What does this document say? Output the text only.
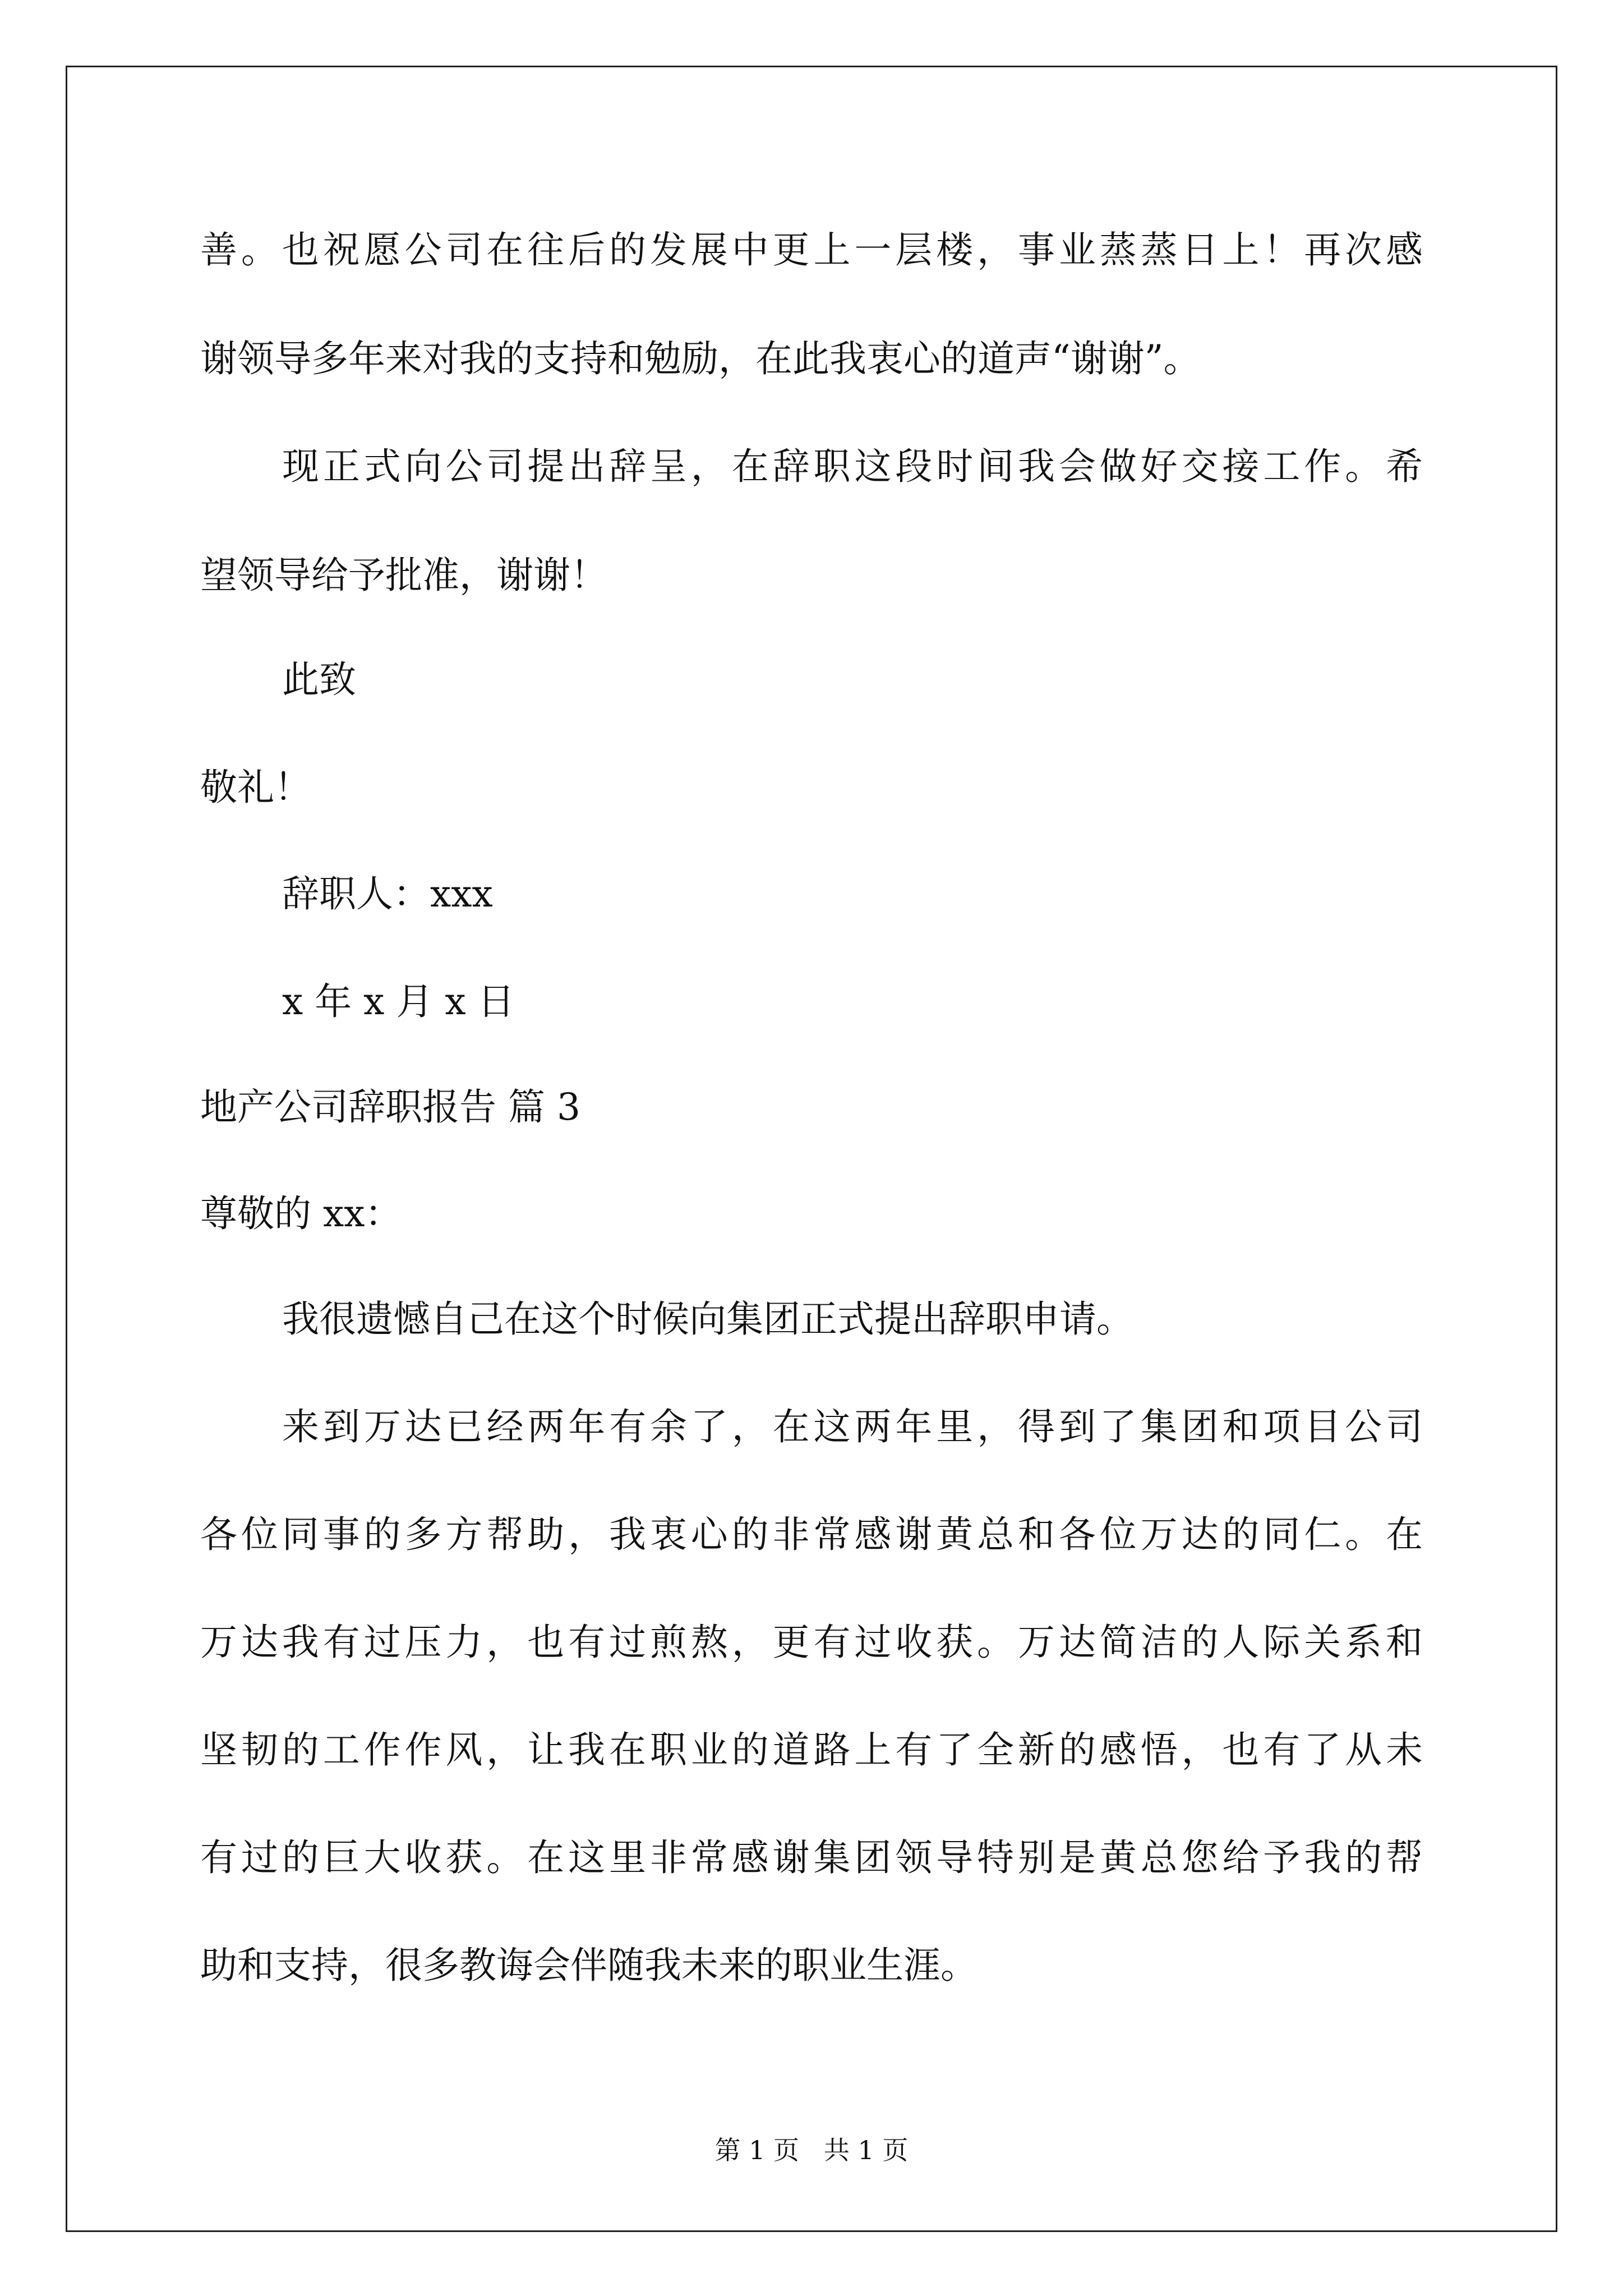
善。也祝愿公司在往后的发展中更上一层楼，事业蒸蒸日上！再次感
谢领导多年来对我的支持和勉励，在此我衷心的道声“谢谢”。
现正式向公司提出辞呈，在辞职这段时间我会做好交接工作。希
望领导给予批准，谢谢！
此致
敬礼！
辞职人：xxx
x 年 x 月 x 日
地产公司辞职报告 篇 3
尊敬的 xx：
我很遗憾自己在这个时候向集团正式提出辞职申请。
来到万达已经两年有余了，在这两年里，得到了集团和项目公司
各位同事的多方帮助，我衷心的非常感谢黄总和各位万达的同仁。在
万达我有过压力，也有过煎熬，更有过收获。万达简洁的人际关系和
坚韧的工作作风，让我在职业的道路上有了全新的感悟，也有了从未
有过的巨大收获。在这里非常感谢集团领导特别是黄总您给予我的帮
助和支持，很多教诲会伴随我未来的职业生涯。
第 1 页   共 1 页
